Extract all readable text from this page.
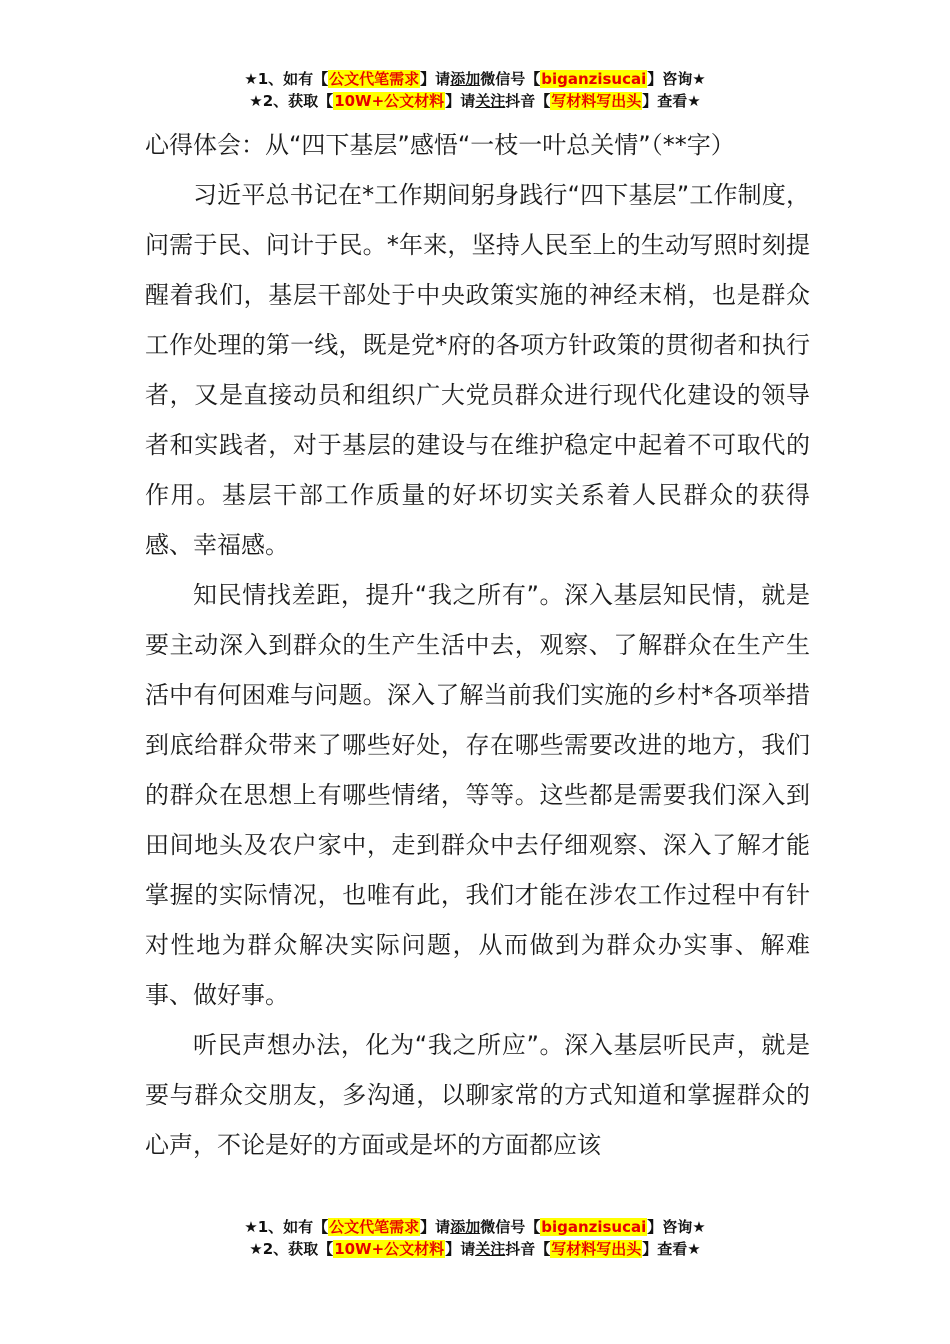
★1、如有【公文代笔需求】请添加微信号【biganzisucai】咨询★
★2、获取【10W+公文材料】请关注抖音【写材料写出头】查看★
心得体会：从“四下基层”感悟“一枝一叶总关情”（**字）

习近平总书记在*工作期间躬身践行“四下基层”工作制度，问需于民、问计于民。*年来，坚持人民至上的生动写照时刻提醒着我们，基层干部处于中央政策实施的神经末梢，也是群众工作处理的第一线，既是党*府的各项方针政策的贯彻者和执行者，又是直接动员和组织广大党员群众进行现代化建设的领导者和实践者，对于基层的建设与在维护稳定中起着不可取代的作用。基层干部工作质量的好坏切实关系着人民群众的获得感、幸福感。

知民情找差距，提升“我之所有”。深入基层知民情，就是要主动深入到群众的生产生活中去，观察、了解群众在生产生活中有何困难与问题。深入了解当前我们实施的乡村*各项举措到底给群众带来了哪些好处，存在哪些需要改进的地方，我们的群众在思想上有哪些情绪，等等。这些都是需要我们深入到田间地头及农户家中，走到群众中去仔细观察、深入了解才能掌握的实际情况，也唯有此，我们才能在涉农工作过程中有针对性地为群众解决实际问题，从而做到为群众办实事、解难事、做好事。

听民声想办法，化为“我之所应”。深入基层听民声，就是要与群众交朋友，多沟通，以聊家常的方式知道和掌握群众的心声，不论是好的方面或是坏的方面都应该

★1、如有【公文代笔需求】请添加微信号【biganzisucai】咨询★
★2、获取【10W+公文材料】请关注抖音【写材料写出头】查看★
